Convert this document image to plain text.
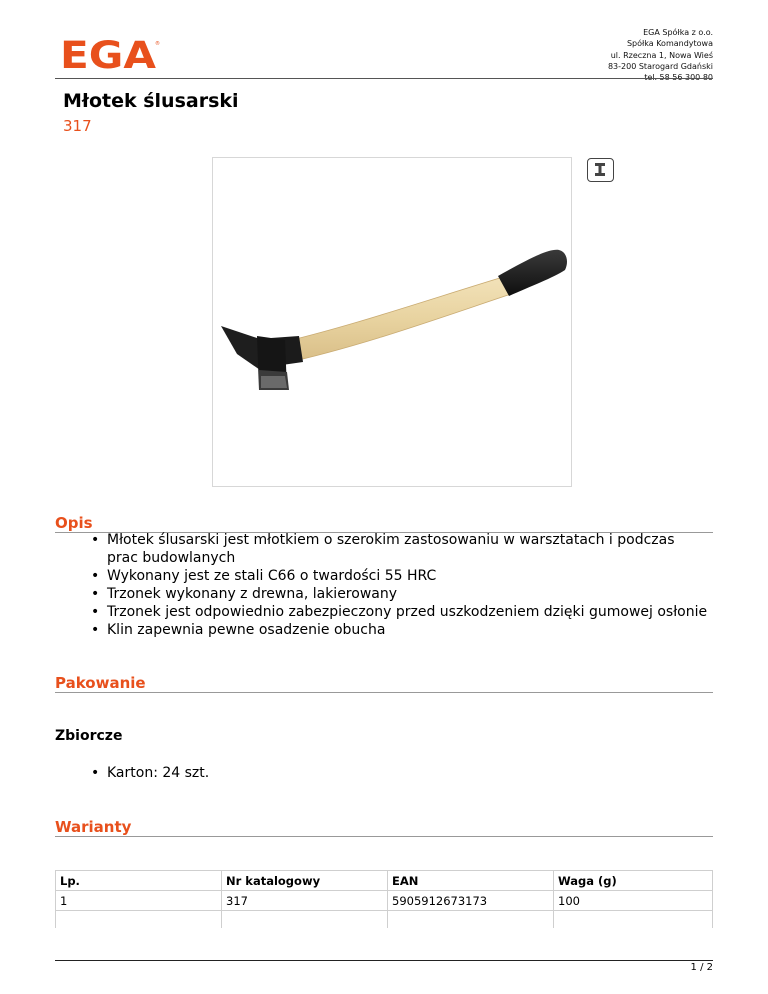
EGA
®
EGA Spółka z o.o.
Spółka Komandytowa
ul. Rzeczna 1, Nowa Wieś
83-200 Starogard Gdański
tel. 58 56 300 80
Młotek ślusarski
317
Opis
• Młotek ślusarski jest młotkiem o szerokim zastosowaniu w warsztatach i podczas prac budowlanych
• Wykonany jest ze stali C66 o twardości 55 HRC
• Trzonek wykonany z drewna, lakierowany
• Trzonek jest odpowiednio zabezpieczony przed uszkodzeniem dzięki gumowej osłonie
• Klin zapewnia pewne osadzenie obucha
Pakowanie
Zbiorcze
• Karton: 24 szt.
Warianty
Lp.	Nr katalogowy	EAN	Waga (g)
1	317	5905912673173	100

1 / 2
